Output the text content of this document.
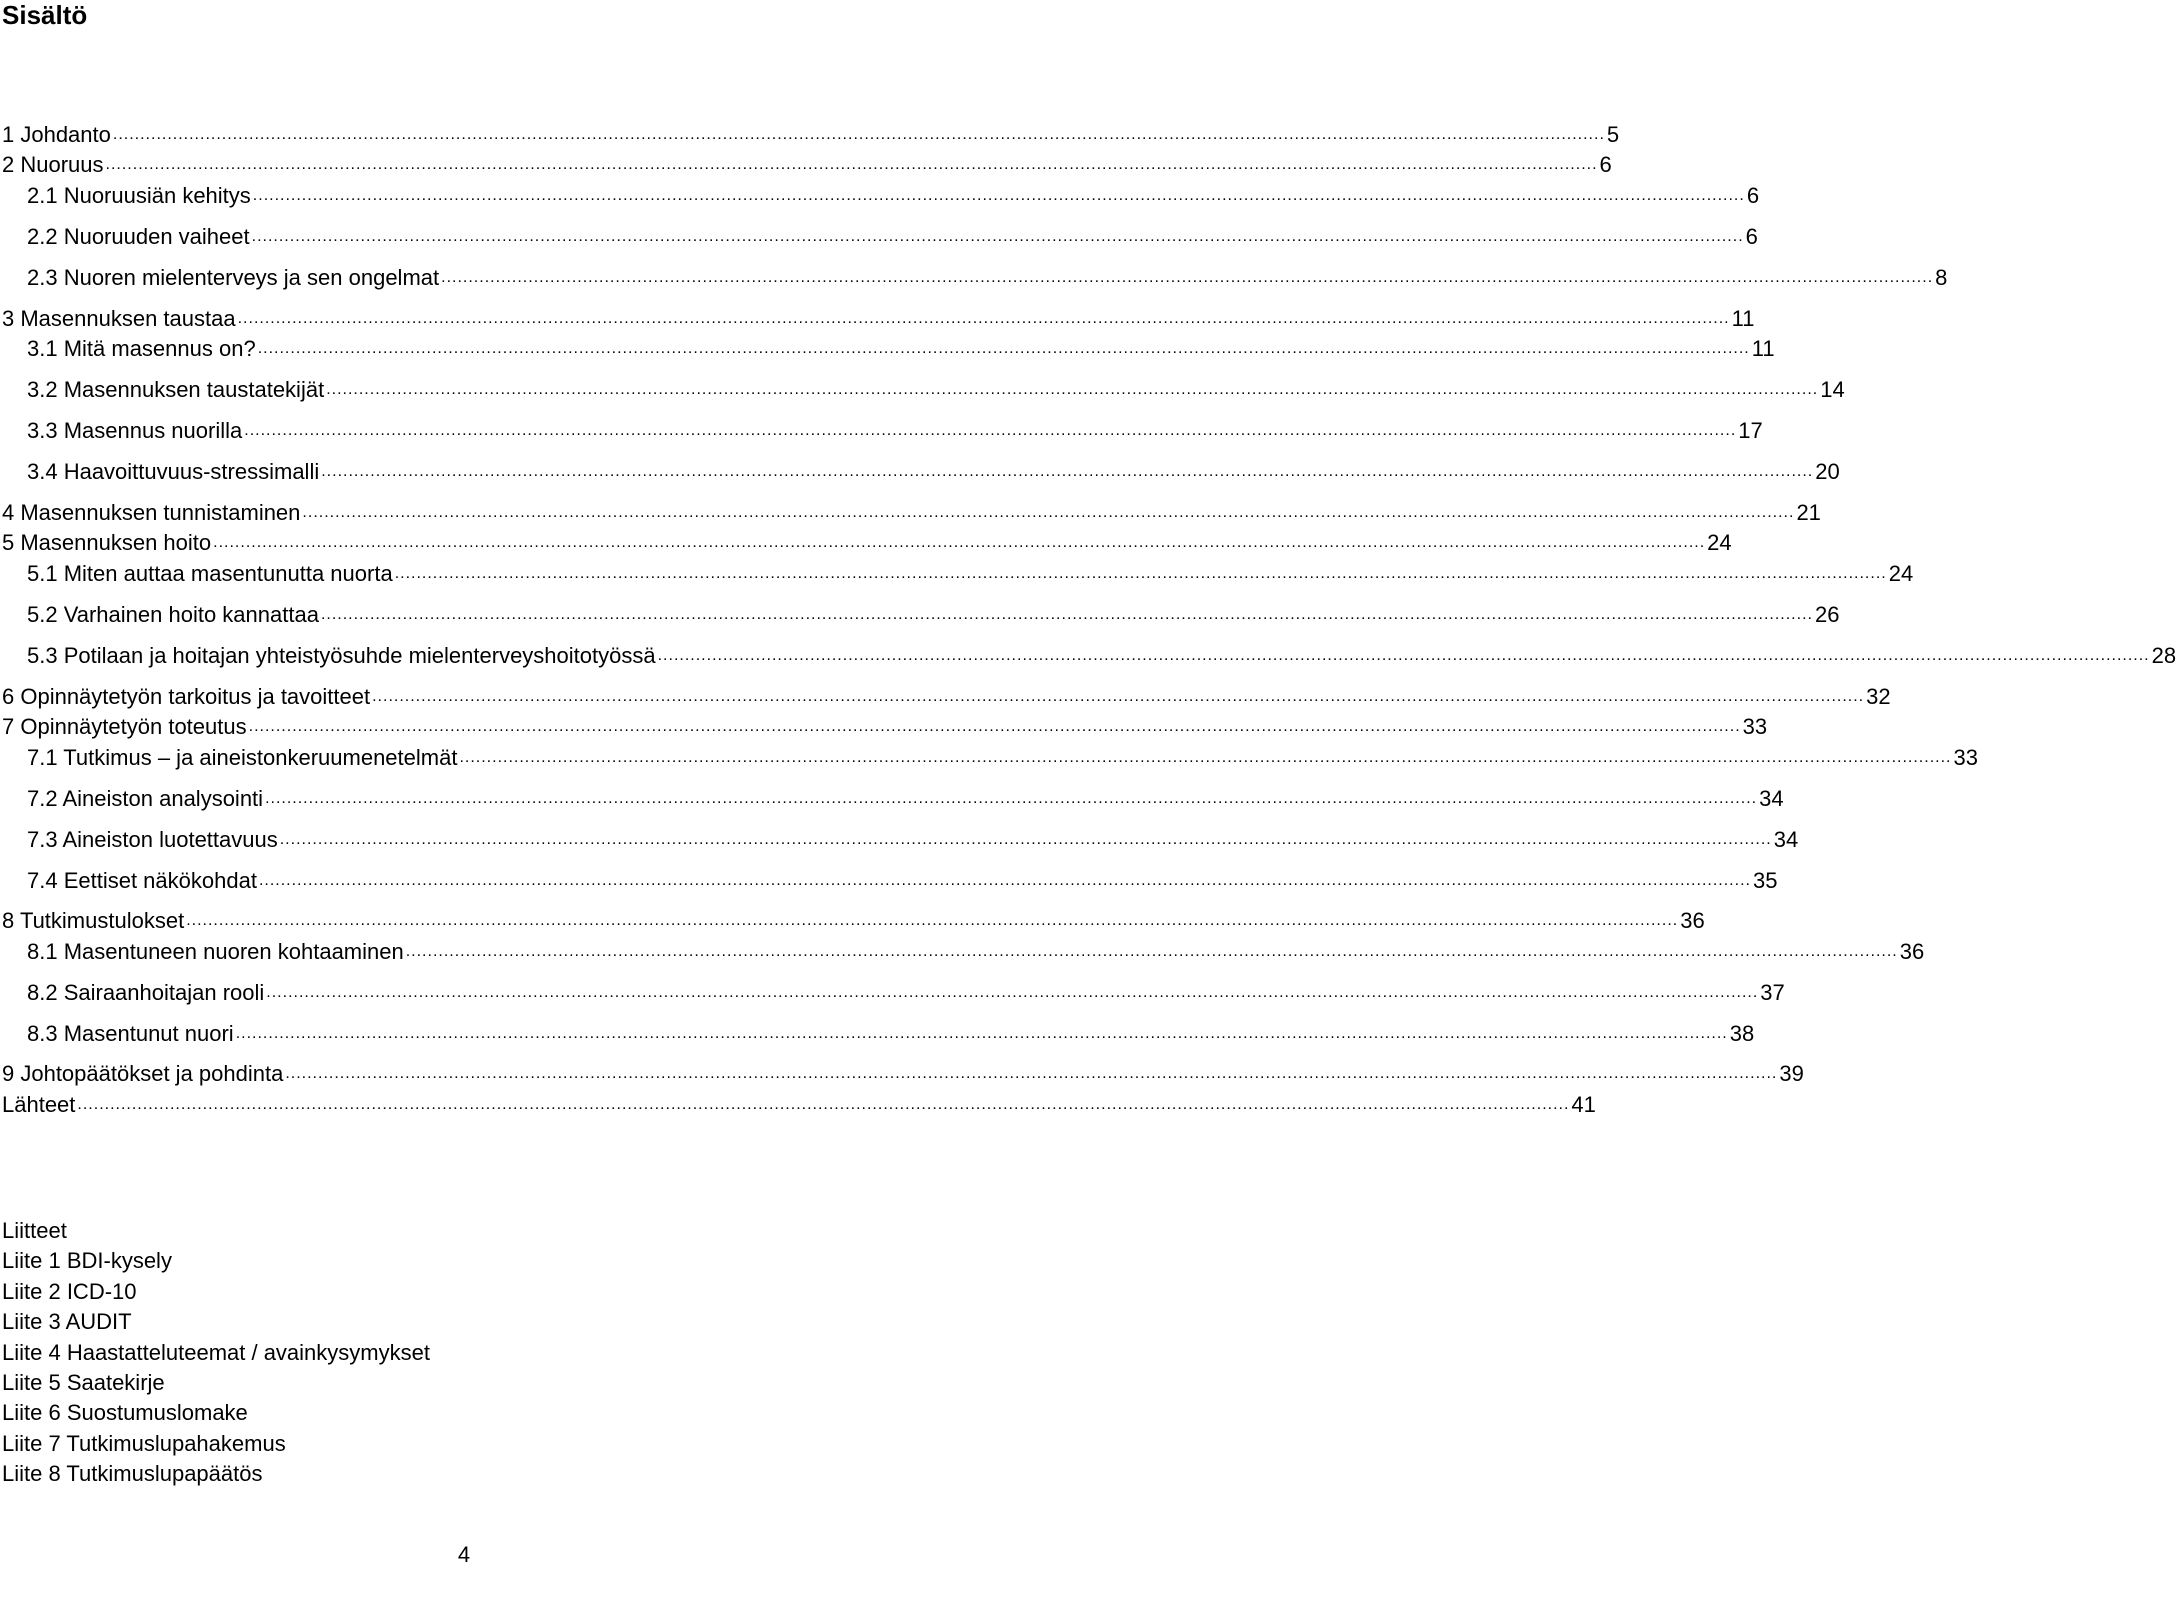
Sisältö
1 Johdanto .................................................................................................................................................................................................................................................................................. 5
2 Nuoruus .................................................................................................................................................................................................................................................................................. 6
2.1 Nuoruusiän kehitys .................................................................................................................................................................................................................................................................................. 6
2.2 Nuoruuden vaiheet .................................................................................................................................................................................................................................................................................. 6
2.3 Nuoren mielenterveys ja sen ongelmat .................................................................................................................................................................................................................................................................................. 8
3 Masennuksen taustaa .................................................................................................................................................................................................................................................................................. 11
3.1 Mitä masennus on? .................................................................................................................................................................................................................................................................................. 11
3.2 Masennuksen taustatekijät .................................................................................................................................................................................................................................................................................. 14
3.3 Masennus nuorilla .................................................................................................................................................................................................................................................................................. 17
3.4 Haavoittuvuus-stressimalli .................................................................................................................................................................................................................................................................................. 20
4 Masennuksen tunnistaminen .................................................................................................................................................................................................................................................................................. 21
5 Masennuksen hoito .................................................................................................................................................................................................................................................................................. 24
5.1 Miten auttaa masentunutta nuorta .................................................................................................................................................................................................................................................................................. 24
5.2 Varhainen hoito kannattaa .................................................................................................................................................................................................................................................................................. 26
5.3 Potilaan ja hoitajan yhteistyösuhde mielenterveyshoitotyössä .................................................................................................................................................................................................................................................................................. 28
6 Opinnäytetyön tarkoitus ja tavoitteet .................................................................................................................................................................................................................................................................................. 32
7 Opinnäytetyön toteutus .................................................................................................................................................................................................................................................................................. 33
7.1 Tutkimus – ja aineistonkeruumenetelmät .................................................................................................................................................................................................................................................................................. 33
7.2 Aineiston analysointi .................................................................................................................................................................................................................................................................................. 34
7.3 Aineiston luotettavuus .................................................................................................................................................................................................................................................................................. 34
7.4 Eettiset näkökohdat .................................................................................................................................................................................................................................................................................. 35
8 Tutkimustulokset .................................................................................................................................................................................................................................................................................. 36
8.1 Masentuneen nuoren kohtaaminen .................................................................................................................................................................................................................................................................................. 36
8.2 Sairaanhoitajan rooli .................................................................................................................................................................................................................................................................................. 37
8.3 Masentunut nuori .................................................................................................................................................................................................................................................................................. 38
9 Johtopäätökset ja pohdinta .................................................................................................................................................................................................................................................................................. 39
Lähteet .................................................................................................................................................................................................................................................................................. 41
Liitteet
Liite 1 BDI-kysely
Liite 2 ICD-10
Liite 3 AUDIT
Liite 4 Haastatteluteemat / avainkysymykset
Liite 5 Saatekirje
Liite 6 Suostumuslomake
Liite 7 Tutkimuslupahakemus
Liite 8 Tutkimuslupapäätös
4
